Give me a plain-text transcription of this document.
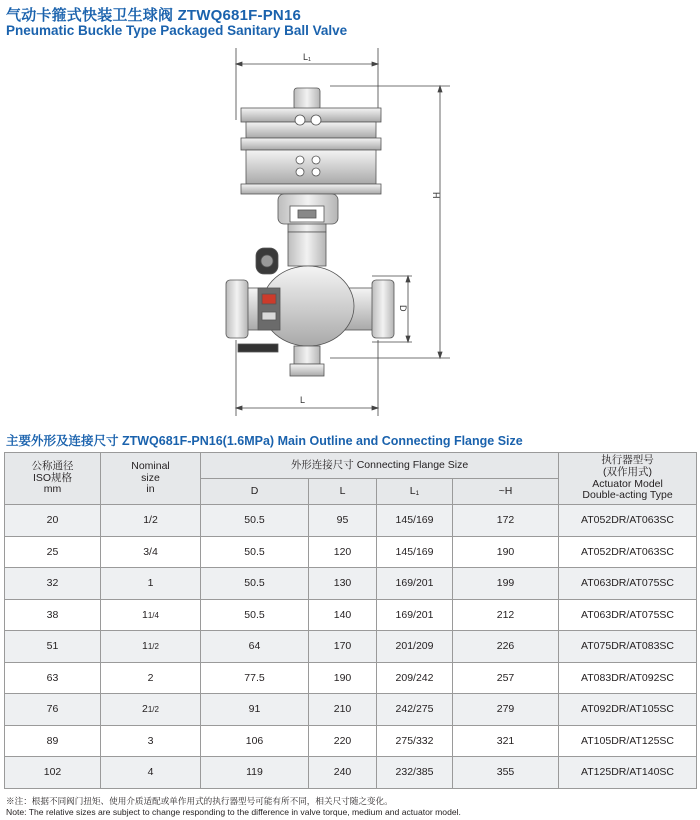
气动卡箍式快装卫生球阀 ZTWQ681F-PN16
Pneumatic Buckle Type Packaged Sanitary Ball Valve
L₁
H
D
L
主要外形及连接尺寸 ZTWQ681F-PN16(1.6MPa) Main Outline and Connecting Flange Size
公称通径
ISO规格
mm	Nominal
size
in	外形连接尺寸 Connecting Flange Size				执行器型号
(双作用式)
Actuator Model
Double-acting Type
		D	L	L₁	~H	
20	1/2	50.5	95	145/169	172	AT052DR/AT063SC
25	3/4	50.5	120	145/169	190	AT052DR/AT063SC
32	1	50.5	130	169/201	199	AT063DR/AT075SC
38	11/4	50.5	140	169/201	212	AT063DR/AT075SC
51	11/2	64	170	201/209	226	AT075DR/AT083SC
63	2	77.5	190	209/242	257	AT083DR/AT092SC
76	21/2	91	210	242/275	279	AT092DR/AT105SC
89	3	106	220	275/332	321	AT105DR/AT125SC
102	4	119	240	232/385	355	AT125DR/AT140SC
※注：根据不同阀门扭矩、使用介质适配或单作用式的执行器型号可能有所不同，相关尺寸随之变化。
Note: The relative sizes are subject to change responding to the difference in valve torque, medium and actuator model.
